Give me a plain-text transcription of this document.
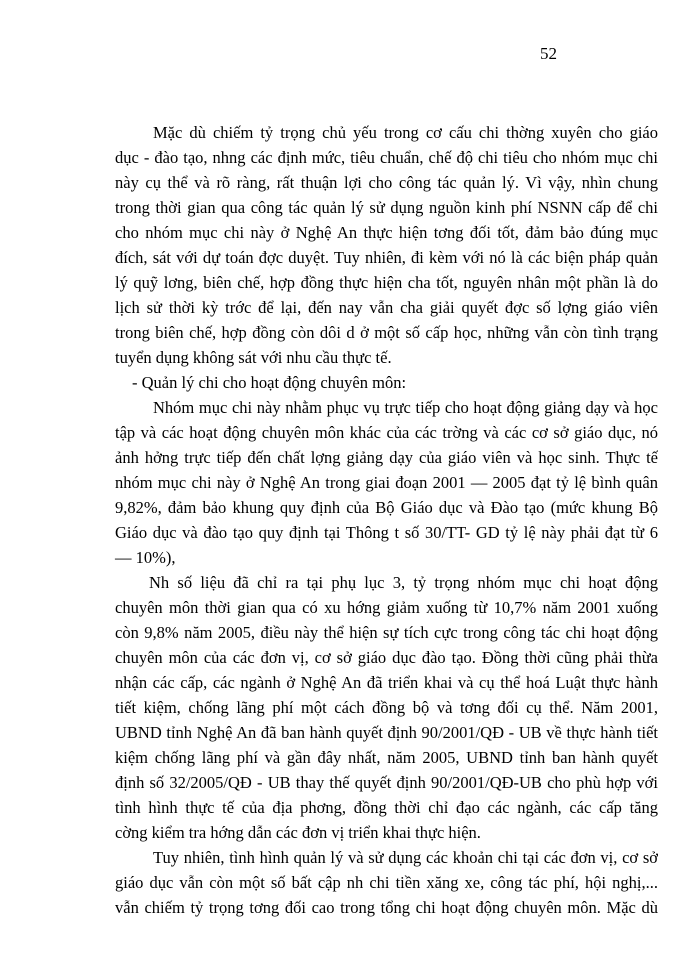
52
Mặc dù chiếm tỷ trọng chủ yếu trong cơ cấu chi thờng xuyên cho giáo
dục - đào tạo, nhng các định mức, tiêu chuẩn, chế độ chi tiêu cho nhóm mục chi
này cụ thể và rõ ràng, rất thuận lợi cho công tác quản lý. Vì vậy, nhìn chung
trong thời gian qua công tác quản lý sử dụng nguồn kinh phí NSNN cấp để chi
cho nhóm mục chi này ở Nghệ An thực hiện tơng đối tốt, đảm bảo đúng mục
đích, sát với dự toán đợc duyệt. Tuy nhiên, đi kèm với nó là các biện pháp quản
lý quỹ lơng, biên chế, hợp đồng thực hiện cha tốt, nguyên nhân một phần là do
lịch sử thời kỳ trớc để lại, đến nay vẫn cha giải quyết đợc số lợng giáo viên
trong biên chế, hợp đồng còn dôi d ở một số cấp học, những vẫn còn tình trạng
tuyển dụng không sát với nhu cầu thực tế.
- Quản lý chi cho hoạt động chuyên môn:
Nhóm mục chi này nhằm phục vụ trực tiếp cho hoạt động giảng dạy và học
tập và các hoạt động chuyên môn khác của các trờng và các cơ sở giáo dục, nó
ảnh hởng trực tiếp đến chất lợng giảng dạy của giáo viên và học sinh. Thực tế
nhóm mục chi này ở Nghệ An trong giai đoạn 2001 — 2005 đạt tỷ lệ bình quân
9,82%, đảm bảo khung quy định của Bộ Giáo dục và Đào tạo (mức khung Bộ
Giáo dục và đào tạo quy định tại Thông t số 30/TT- GD tỷ lệ này phải đạt từ 6
— 10%),
Nh số liệu đã chỉ ra tại phụ lục 3, tỷ trọng nhóm mục chi hoạt động
chuyên môn thời gian qua có xu hớng giảm xuống từ 10,7% năm 2001 xuống
còn 9,8% năm 2005, điều này thể hiện sự tích cực trong công tác chi hoạt động
chuyên môn của các đơn vị, cơ sở giáo dục đào tạo. Đồng thời cũng phải thừa
nhận các cấp, các ngành ở Nghệ An đã triển khai và cụ thể hoá Luật thực hành
tiết kiệm, chống lãng phí một cách đồng bộ và tơng đối cụ thể. Năm 2001,
UBND tỉnh Nghệ An đã ban hành quyết định 90/2001/QĐ - UB về thực hành tiết
kiệm chống lãng phí và gần đây nhất, năm 2005, UBND tỉnh ban hành quyết
định số 32/2005/QĐ - UB thay thế quyết định 90/2001/QĐ-UB cho phù hợp với
tình hình thực tế của địa phơng, đồng thời chỉ đạo các ngành, các cấp tăng
cờng kiểm tra hớng dẫn các đơn vị triển khai thực hiện.
Tuy nhiên, tình hình quản lý và sử dụng các khoản chi tại các đơn vị, cơ sở
giáo dục vẫn còn một số bất cập nh chi tiền xăng xe, công tác phí, hội nghị,...
vẫn chiếm tỷ trọng tơng đối cao trong tổng chi hoạt động chuyên môn. Mặc dù
